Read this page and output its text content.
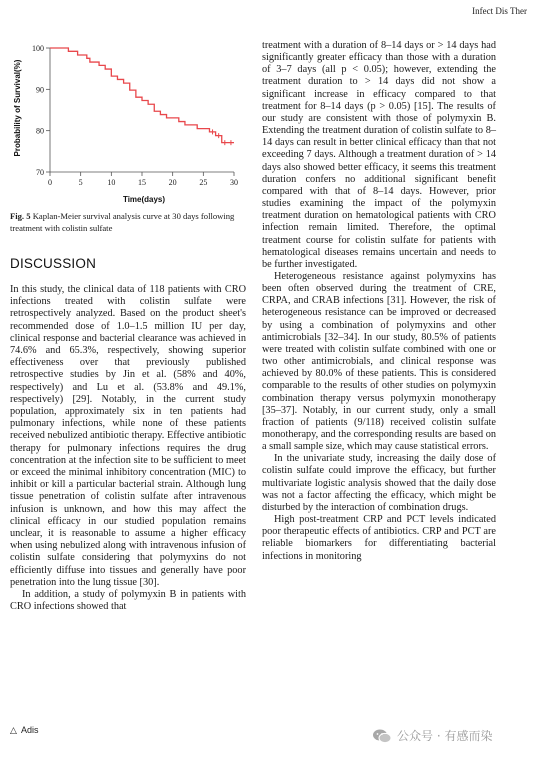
Infect Dis Ther
Probability of Survival(%)
Time(days)
70
80
90
100
0	5	10	15	20	25	30
Fig. 5 Kaplan-Meier survival analysis curve at 30 days following treatment with colistin sulfate
DISCUSSION

In this study, the clinical data of 118 patients with CRO infections treated with colistin sulfate were retrospectively analyzed. Based on the product sheet's recommended dose of 1.0–1.5 million IU per day, clinical response and bacterial clearance was achieved in 74.6% and 65.3%, respectively, showing superior effectiveness over that previously published retrospective studies by Jin et al. (58% and 40%, respectively) and Lu et al. (53.8% and 49.1%, respectively) [29]. Notably, in the current study population, approximately six in ten patients had pulmonary infections, while none of these patients received nebulized antibiotic therapy. Effective antibiotic therapy for pulmonary infections requires the drug concentration at the infection site to be sufficient to meet or exceed the minimal inhibitory concentration (MIC) to inhibit or kill a particular bacterial strain. Although lung tissue penetration of colistin sulfate after intravenous infusion is unknown, and how this may affect the clinical efficacy in our studied population remains unclear, it is reasonable to assume a higher efficacy when using nebulized along with intravenous infusion of colistin sulfate considering that polymyxins do not efficiently diffuse into tissues and generally have poor penetration into the lung tissue [30].

In addition, a study of polymyxin B in patients with CRO infections showed that

treatment with a duration of 8–14 days or > 14 days had significantly greater efficacy than those with a duration of 3–7 days (all p < 0.05); however, extending the treatment duration to > 14 days did not show a significant increase in efficacy compared to that treatment for 8–14 days (p > 0.05) [15]. The results of our study are consistent with those of polymyxin B. Extending the treatment duration of colistin sulfate to 8–14 days can result in better clinical efficacy than that not exceeding 7 days. Although a treatment duration of > 14 days also showed better efficacy, it seems this treatment duration confers no additional significant benefit compared with that of 8–14 days. However, prior studies examining the impact of the polymyxin treatment duration on hematological patients with CRO infection remain limited. Therefore, the optimal treatment course for colistin sulfate for patients with hematological diseases remains uncertain and needs to be further investigated.

Heterogeneous resistance against polymyxins has been often observed during the treatment of CRE, CRPA, and CRAB infections [31]. However, the risk of heterogeneous resistance can be improved or decreased by using a combination of polymyxins and other antimicrobials [32–34]. In our study, 80.5% of patients were treated with colistin sulfate combined with one or two other antimicrobials, and clinical response was achieved by 80.0% of these patients. This is considered comparable to the results of other studies on polymyxin combination therapy versus polymyxin monotherapy [35–37]. Notably, in our current study, only a small fraction of patients (9/118) received colistin sulfate monotherapy, and the corresponding results are based on a small sample size, which may cause statistical errors.

In the univariate study, increasing the daily dose of colistin sulfate could improve the efficacy, but further multivariate logistic analysis showed that the daily dose was not a factor affecting the efficacy, which might be disturbed by the interaction of combination drugs.

High post-treatment CRP and PCT levels indicated poor therapeutic effects of antibiotics. CRP and PCT are reliable biomarkers for differentiating bacterial infections in monitoring

△ Adis	公众号 · 有感而染
